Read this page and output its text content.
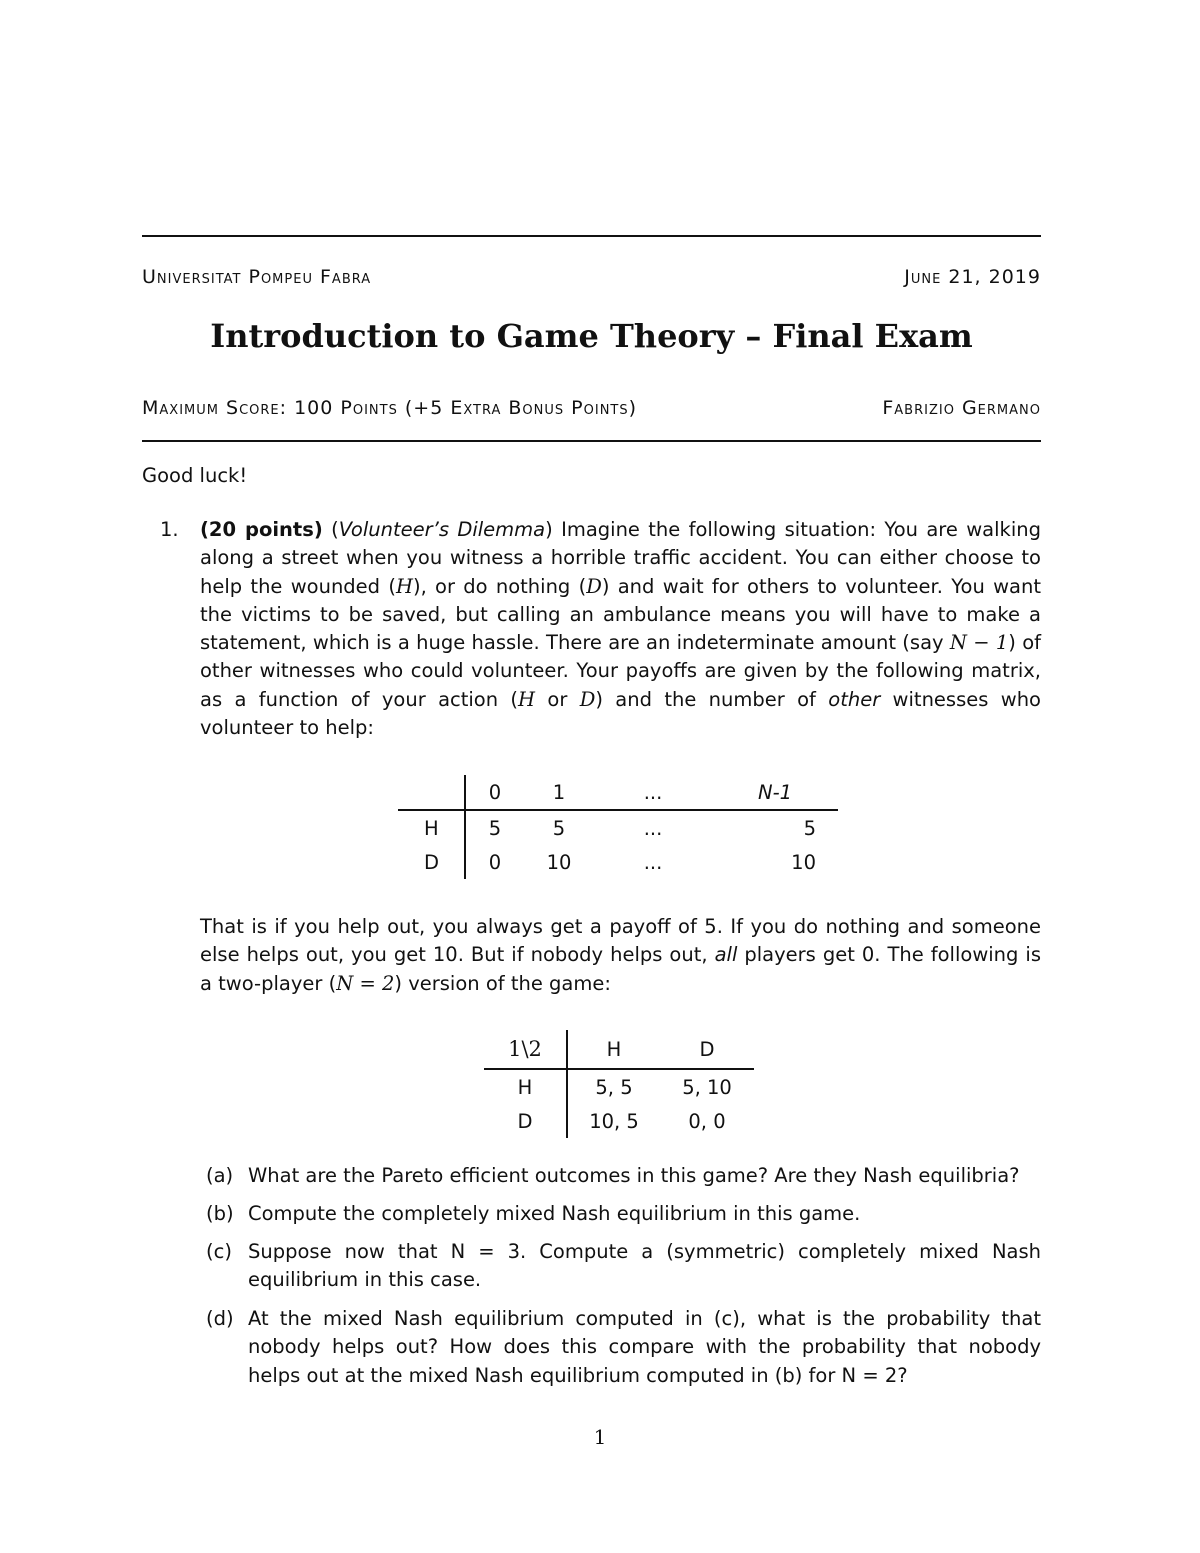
Universitat Pompeu Fabra	June 21, 2019
Introduction to Game Theory – Final Exam
Maximum Score: 100 Points (+5 Extra Bonus Points)	Fabrizio Germano
Good luck!
1. (20 points) (Volunteer’s Dilemma) Imagine the following situation: You are walking along a street when you witness a horrible traffic accident. You can either choose to help the wounded (H), or do nothing (D) and wait for others to volunteer. You want the victims to be saved, but calling an ambulance means you will have to make a statement, which is a huge hassle. There are an indeterminate amount (say N − 1) of other witnesses who could volunteer. Your payoffs are given by the following matrix, as a function of your action (H or D) and the number of other witnesses who volunteer to help:
	0	1	...	N-1
H	5	5	...	5
D	0	10	...	10
That is if you help out, you always get a payoff of 5. If you do nothing and someone else helps out, you get 10. But if nobody helps out, all players get 0. The following is a two-player (N = 2) version of the game:
1\2	H	D
H	5, 5	5, 10
D	10, 5	0, 0
(a) What are the Pareto efficient outcomes in this game? Are they Nash equilibria?
(b) Compute the completely mixed Nash equilibrium in this game.
(c) Suppose now that N = 3. Compute a (symmetric) completely mixed Nash equilibrium in this case.
(d) At the mixed Nash equilibrium computed in (c), what is the probability that nobody helps out? How does this compare with the probability that nobody helps out at the mixed Nash equilibrium computed in (b) for N = 2?
1
